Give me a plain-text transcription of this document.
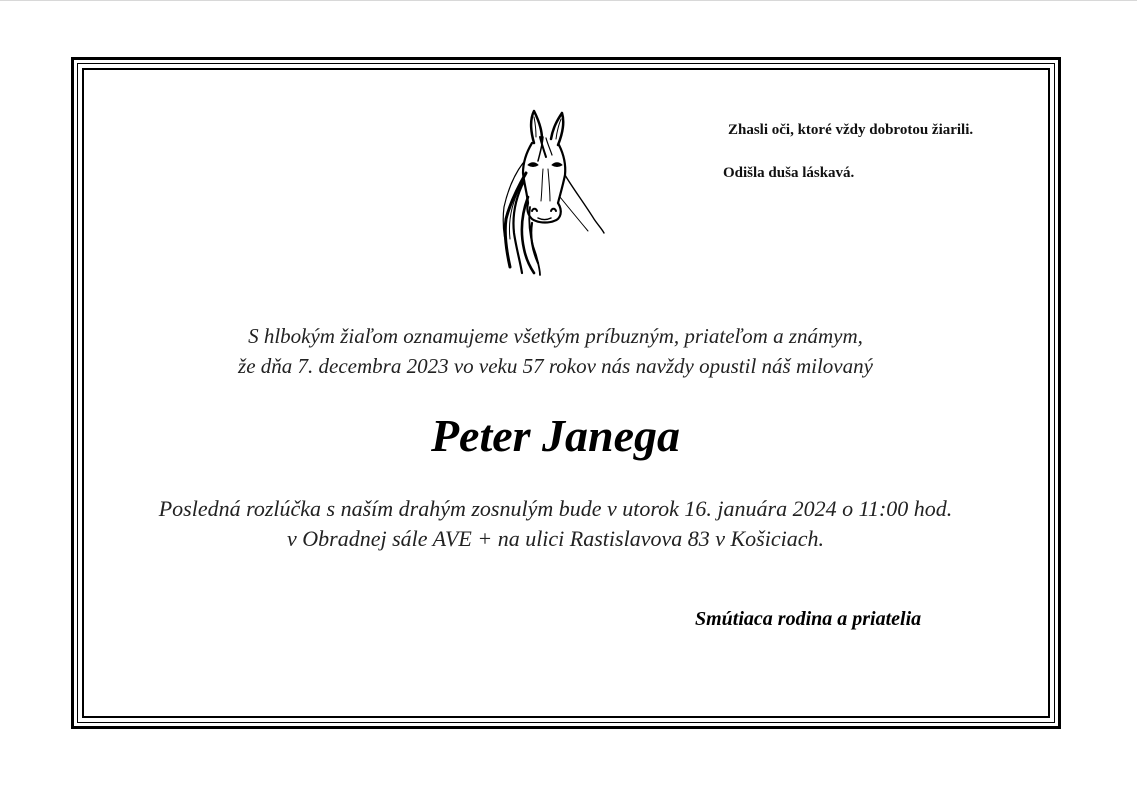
Zhasli oči, ktoré vždy dobrotou žiarili.
Odišla duša láskavá.
S hlbokým žiaľom oznamujeme všetkým príbuzným, priateľom a známym,
že dňa 7. decembra 2023 vo veku 57 rokov nás navždy opustil náš milovaný
Peter Janega
Posledná rozlúčka s naším drahým zosnulým bude v utorok 16. januára 2024 o 11:00 hod.
v Obradnej sále AVE + na ulici Rastislavova 83 v Košiciach.
Smútiaca rodina a priatelia
